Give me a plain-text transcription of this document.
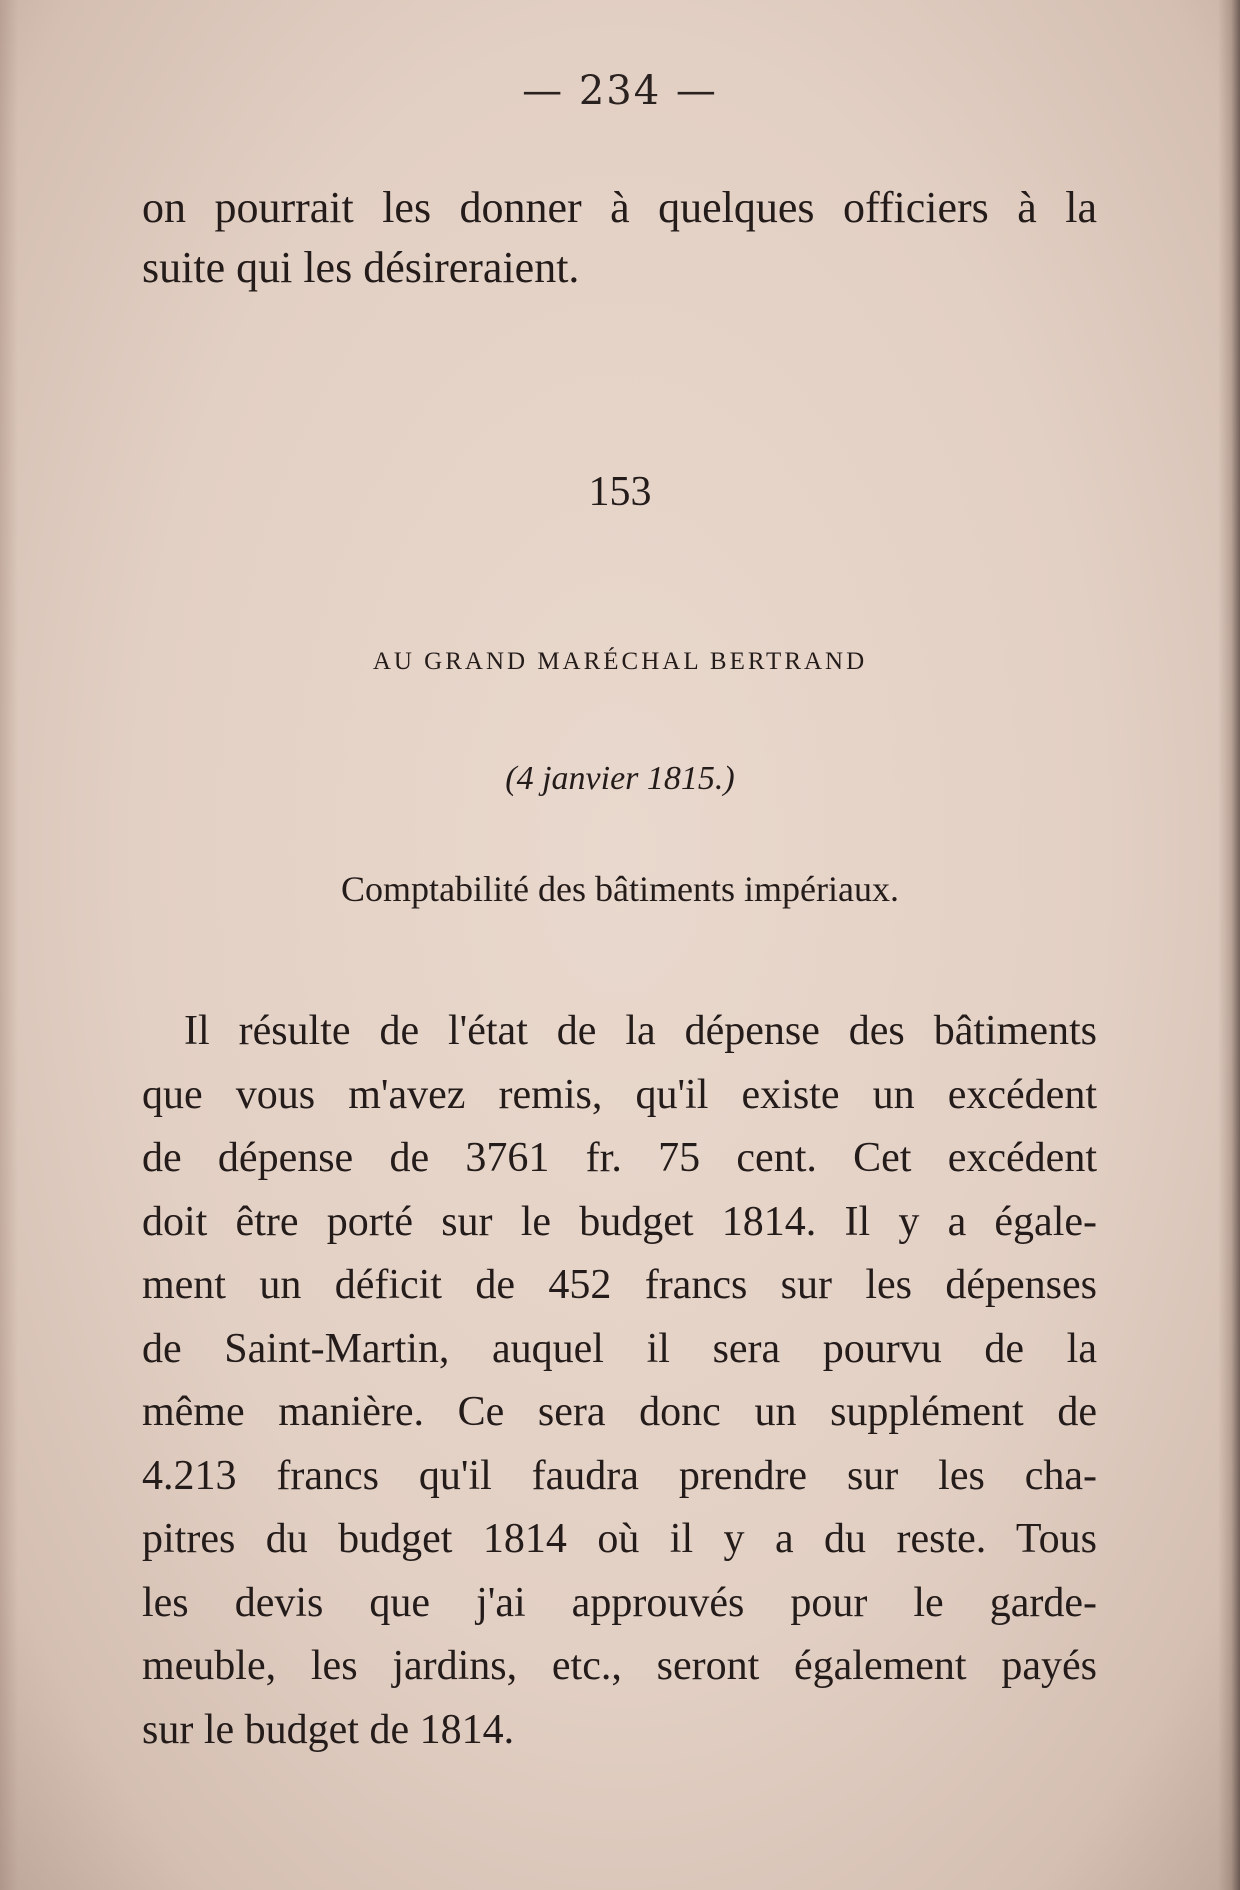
— 234 —
on pourrait les donner à quelques officiers à la
suite qui les désireraient.
153
AU GRAND MARÉCHAL BERTRAND
(4 janvier 1815.)
Comptabilité des bâtiments impériaux.
Il résulte de l'état de la dépense des bâtiments
que vous m'avez remis, qu'il existe un excédent
de dépense de 3761 fr. 75 cent. Cet excédent
doit être porté sur le budget 1814. Il y a égale-
ment un déficit de 452 francs sur les dépenses
de Saint-Martin, auquel il sera pourvu de la
même manière. Ce sera donc un supplément de
4.213 francs qu'il faudra prendre sur les cha-
pitres du budget 1814 où il y a du reste. Tous
les devis que j'ai approuvés pour le garde-
meuble, les jardins, etc., seront également payés
sur le budget de 1814.
